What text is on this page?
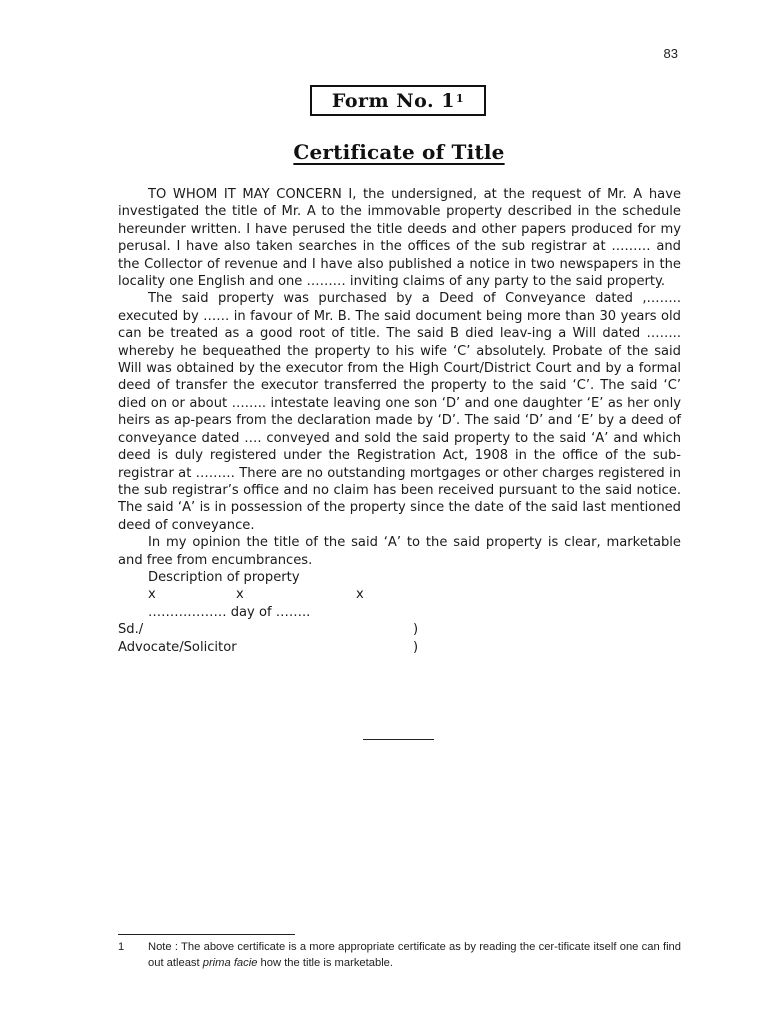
83
Form No. $1^1$
Certificate of Title

TO WHOM IT MAY CONCERN I, the undersigned, at the request of Mr. A have investigated the title of Mr. A to the immovable property described in the schedule hereunder written. I have perused the title deeds and other papers produced for my perusal. I have also taken searches in the offices of the sub registrar at ……… and the Collector of revenue and I have also published a notice in two newspapers in the locality one English and one ……… inviting claims of any party to the said property.

The said property was purchased by a Deed of Conveyance dated ,…….. executed by …… in favour of Mr. B. The said document being more than 30 years old can be treated as a good root of title. The said B died leav-ing a Will dated …….. whereby he bequeathed the property to his wife ‘C’ absolutely. Probate of the said Will was obtained by the executor from the High Court/District Court and by a formal deed of transfer the executor transferred the property to the said ‘C’. The said ‘C’ died on or about …….. intestate leaving one son ‘D’ and one daughter ‘E’ as her only heirs as ap-pears from the declaration made by ‘D’. The said ‘D’ and ‘E’ by a deed of conveyance dated …. conveyed and sold the said property to the said ‘A’ and which deed is duly registered under the Registration Act, 1908 in the office of the sub-registrar at ……… There are no outstanding mortgages or other charges registered in the sub registrar’s office and no claim has been received pursuant to the said notice. The said ‘A’ is in possession of the property since the date of the said last mentioned deed of conveyance.

In my opinion the title of the said ‘A’ to the said property is clear, marketable and free from encumbrances.

Description of property
x	x	x
……………… day of ……..
Sd./	)
Advocate/Solicitor	)
1	Note : The above certificate is a more appropriate certificate as by reading the cer-tificate itself one can find out atleast prima facie how the title is marketable.
